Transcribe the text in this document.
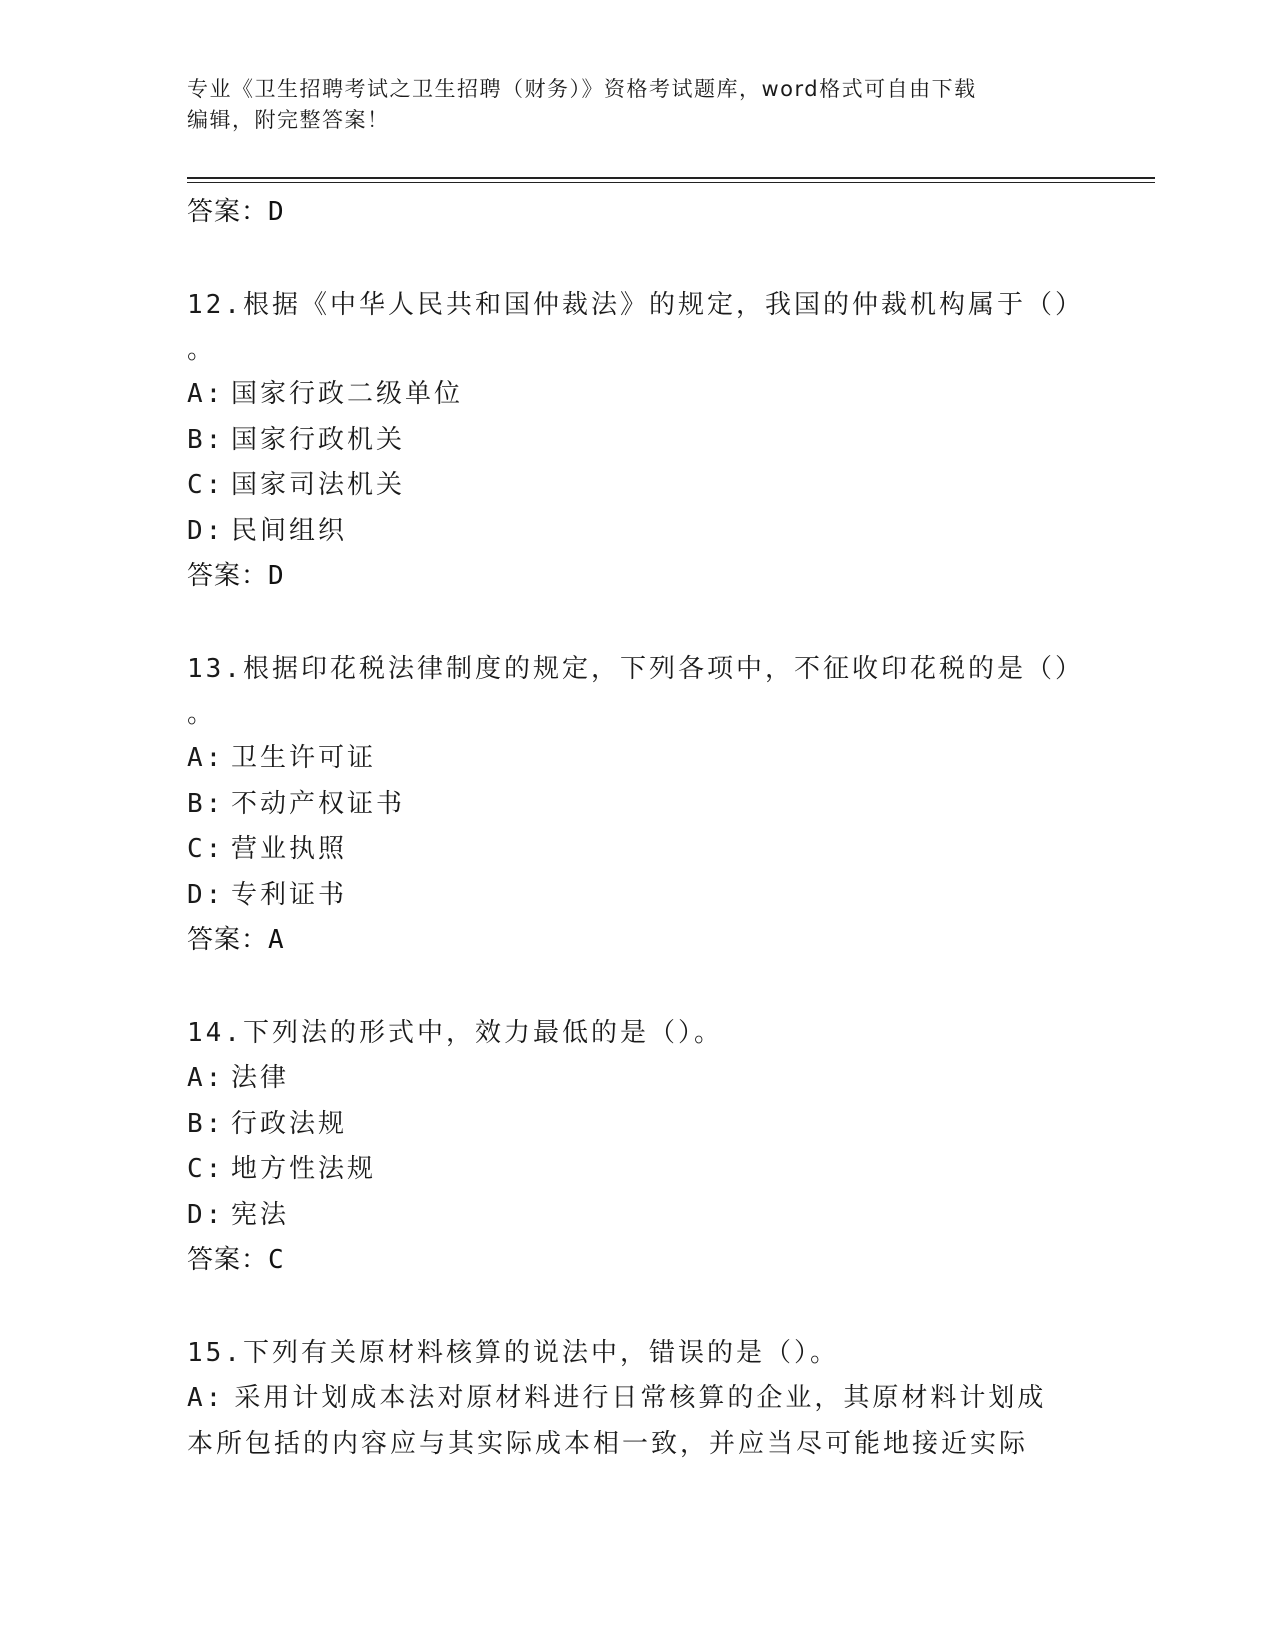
专业《卫生招聘考试之卫生招聘（财务）》资格考试题库，word格式可自由下载
编辑，附完整答案！
答案：D
12.根据《中华人民共和国仲裁法》的规定，我国的仲裁机构属于（）
。
A: 国家行政二级单位
B: 国家行政机关
C: 国家司法机关
D: 民间组织
答案：D
13.根据印花税法律制度的规定，下列各项中，不征收印花税的是（）
。
A: 卫生许可证
B: 不动产权证书
C: 营业执照
D: 专利证书
答案：A
14.下列法的形式中，效力最低的是（）。
A: 法律
B: 行政法规
C: 地方性法规
D: 宪法
答案：C
15.下列有关原材料核算的说法中，错误的是（）。
A: 采用计划成本法对原材料进行日常核算的企业，其原材料计划成本所包括的内容应与其实际成本相一致，并应当尽可能地接近实际
